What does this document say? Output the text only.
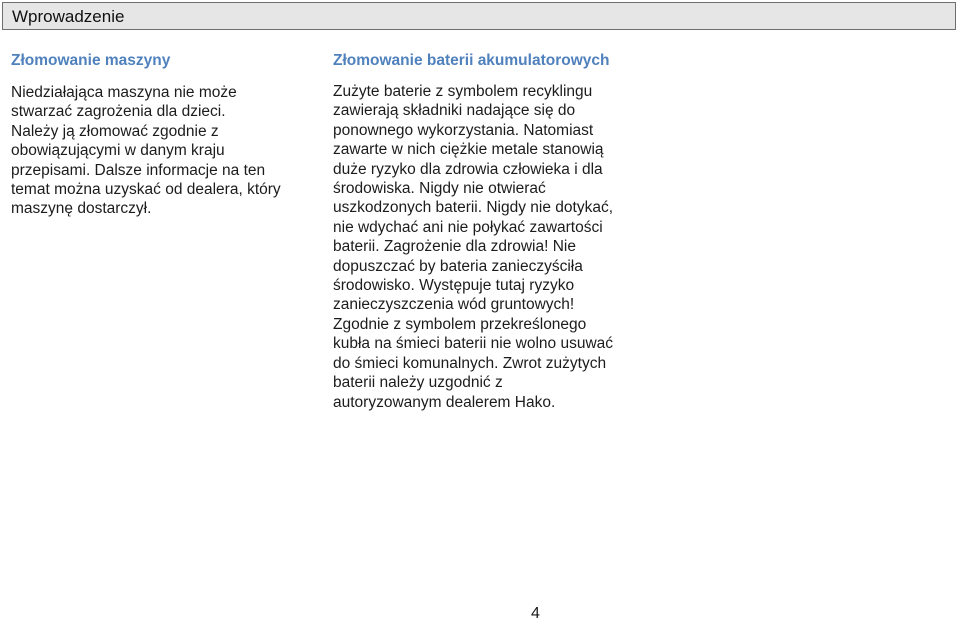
Wprowadzenie
Złomowanie maszyny

Niedziałająca maszyna nie może
stwarzać zagrożenia dla dzieci.
Należy ją złomować zgodnie z
obowiązującymi w danym kraju
przepisami. Dalsze informacje na ten
temat można uzyskać od dealera, który
maszynę dostarczył.

Złomowanie baterii akumulatorowych

Zużyte baterie z symbolem recyklingu
zawierają składniki nadające się do
ponownego wykorzystania. Natomiast
zawarte w nich ciężkie metale stanowią
duże ryzyko dla zdrowia człowieka i dla
środowiska. Nigdy nie otwierać
uszkodzonych baterii. Nigdy nie dotykać,
nie wdychać ani nie połykać zawartości
baterii. Zagrożenie dla zdrowia! Nie
dopuszczać by bateria zanieczyściła
środowisko. Występuje tutaj ryzyko
zanieczyszczenia wód gruntowych!
Zgodnie z symbolem przekreślonego
kubła na śmieci baterii nie wolno usuwać
do śmieci komunalnych. Zwrot zużytych
baterii należy uzgodnić z
autoryzowanym dealerem Hako.

4
